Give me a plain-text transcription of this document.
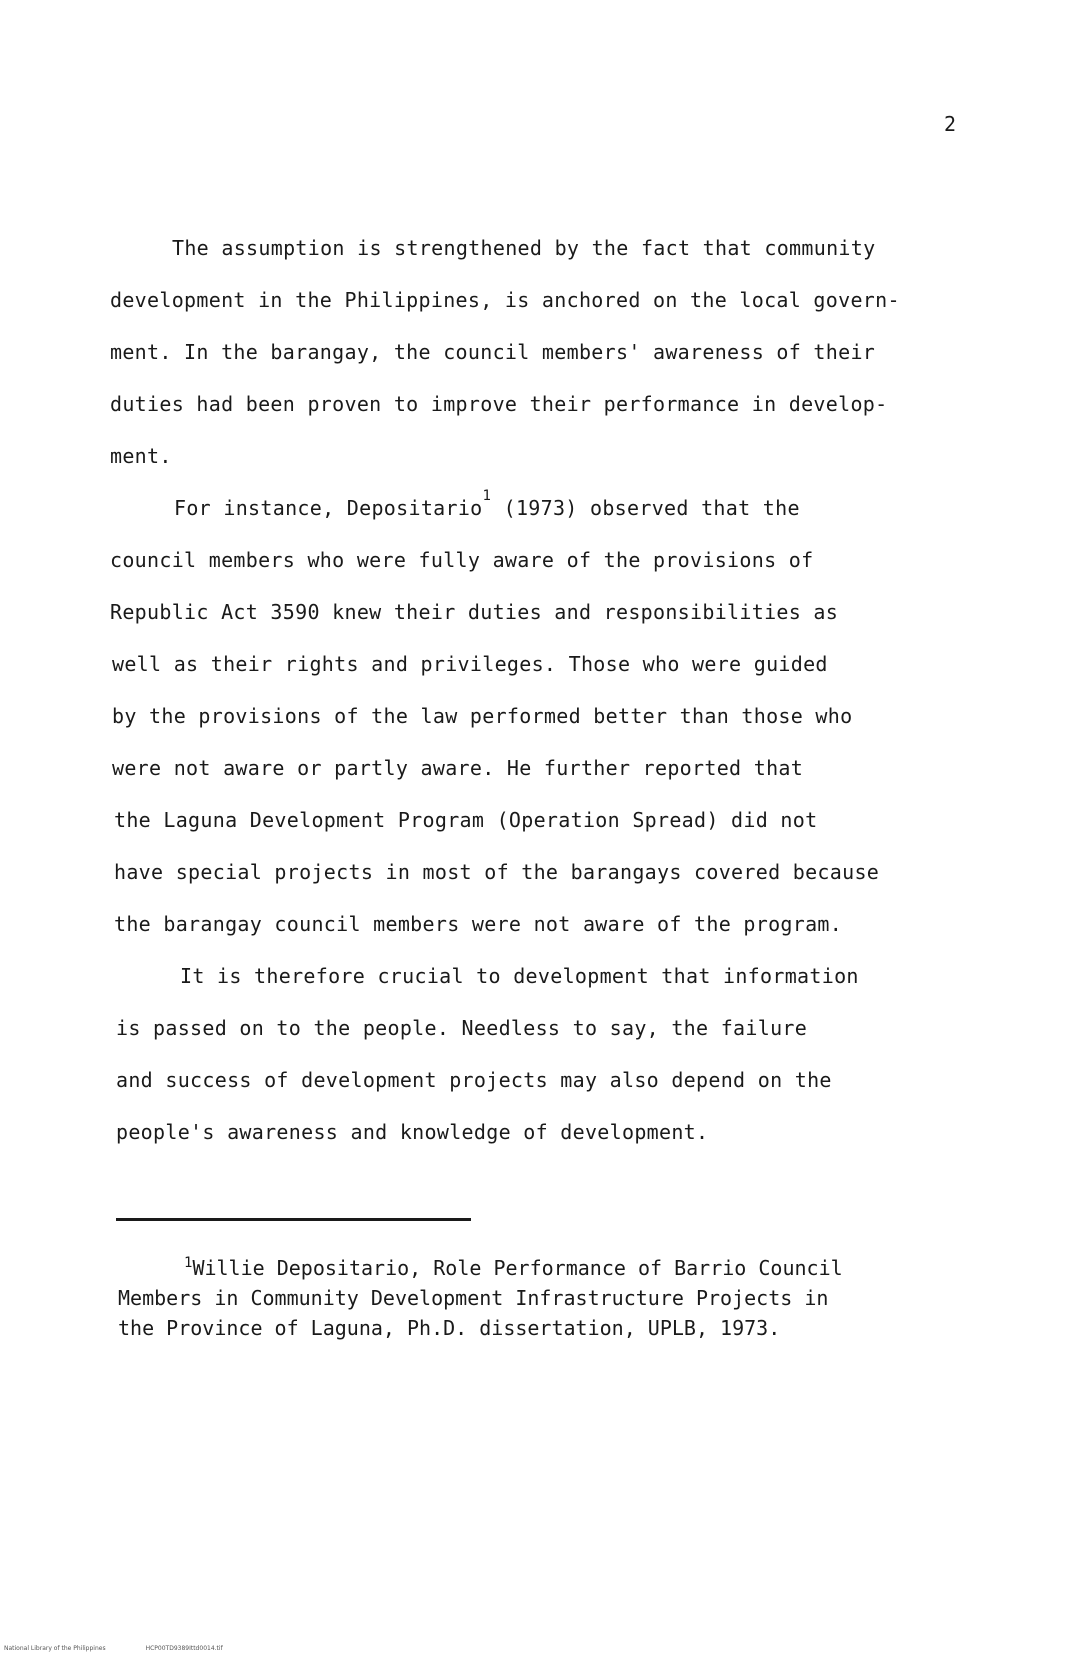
2
The assumption is strengthened by the fact that community
development in the Philippines, is anchored on the local govern-
ment. In the barangay, the council members' awareness of their
duties had been proven to improve their performance in develop-
ment.
For instance, Depositario$^1$ (1973) observed that the
council members who were fully aware of the provisions of
Republic Act 3590 knew their duties and responsibilities as
well as their rights and privileges. Those who were guided
by the provisions of the law performed better than those who
were not aware or partly aware. He further reported that
the Laguna Development Program (Operation Spread) did not
have special projects in most of the barangays covered because
the barangay council members were not aware of the program.
It is therefore crucial to development that information
is passed on to the people. Needless to say, the failure
and success of development projects may also depend on the
people's awareness and knowledge of development.
$^1$Willie Depositario, Role Performance of Barrio Council
Members in Community Development Infrastructure Projects in
the Province of Laguna, Ph.D. dissertation, UPLB, 1973.
National Library of the Philippines	HCP00TD9389Ittd0014.tif
